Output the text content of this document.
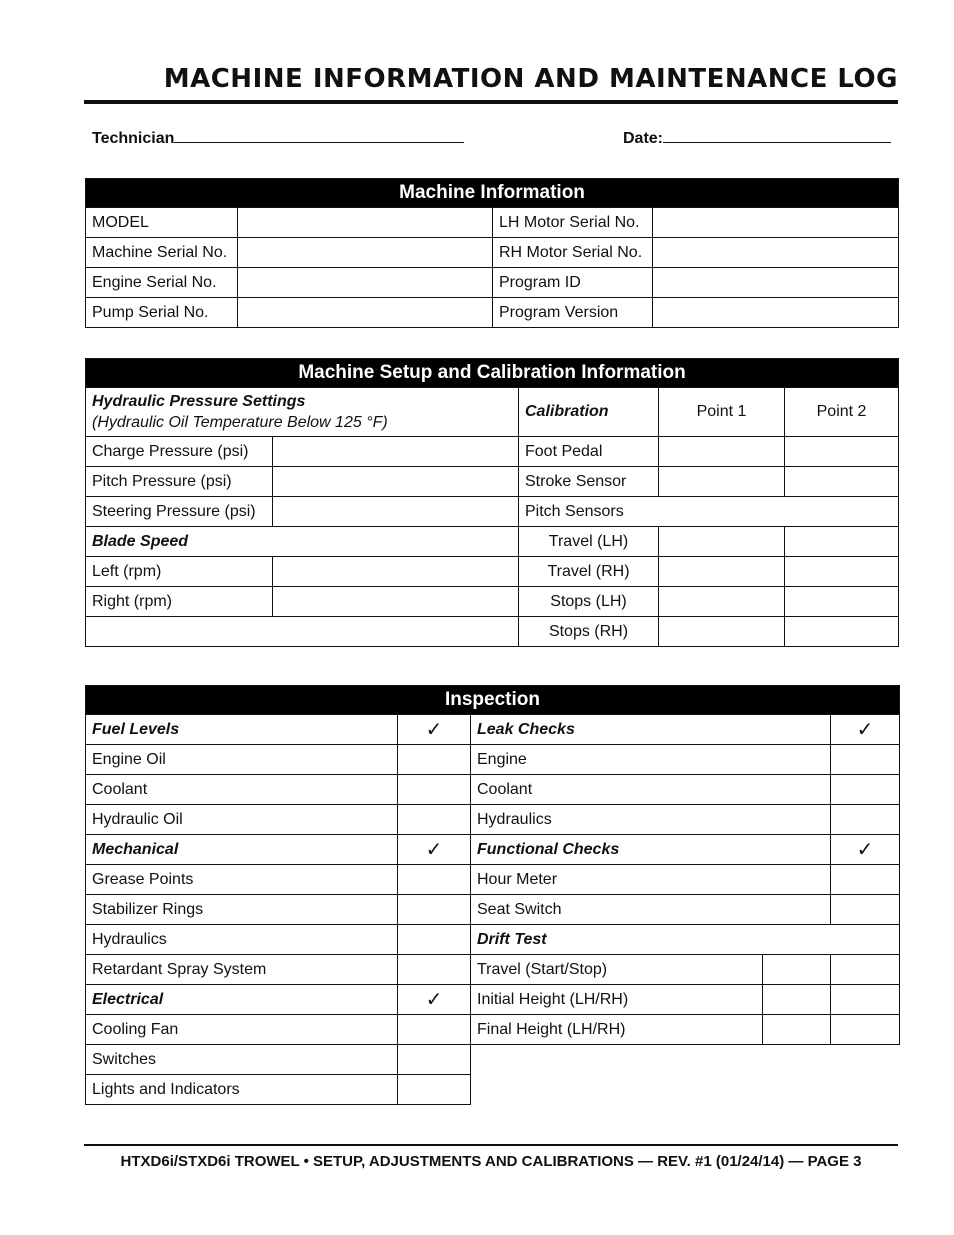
MACHINE INFORMATION AND MAINTENANCE LOG
Technician	Date:
Machine Information			
MODEL		LH Motor Serial No.	
Machine Serial No.		RH Motor Serial No.	
Engine Serial No.		Program ID	
Pump Serial No.		Program Version	
Machine Setup and Calibration Information				

Hydraulic Pressure Settings
(Hydraulic Oil Temperature Below 125 °F)		Calibration	Point 1	Point 2
Charge Pressure (psi)		Foot Pedal		
Pitch Pressure (psi)		Stroke Sensor		
Steering Pressure (psi)		Pitch Sensors		
Blade Speed		Travel (LH)		
Left (rpm)		Travel (RH)		
Right (rpm)		Stops (LH)		
		Stops (RH)		
Inspection				
Fuel Levels	✓	Leak Checks		✓
Engine Oil		Engine		
Coolant		Coolant		
Hydraulic Oil		Hydraulics		
Mechanical	✓	Functional Checks		✓
Grease Points		Hour Meter		
Stabilizer Rings		Seat Switch		
Hydraulics		Drift Test		
Retardant Spray System		Travel (Start/Stop)		
Electrical	✓	Initial Height (LH/RH)		
Cooling Fan		Final Height (LH/RH)		
Switches				
Lights and Indicators				
HTXD6i/STXD6i TROWEL • SETUP, ADJUSTMENTS AND CALIBRATIONS — REV. #1 (01/24/14) — PAGE 3
